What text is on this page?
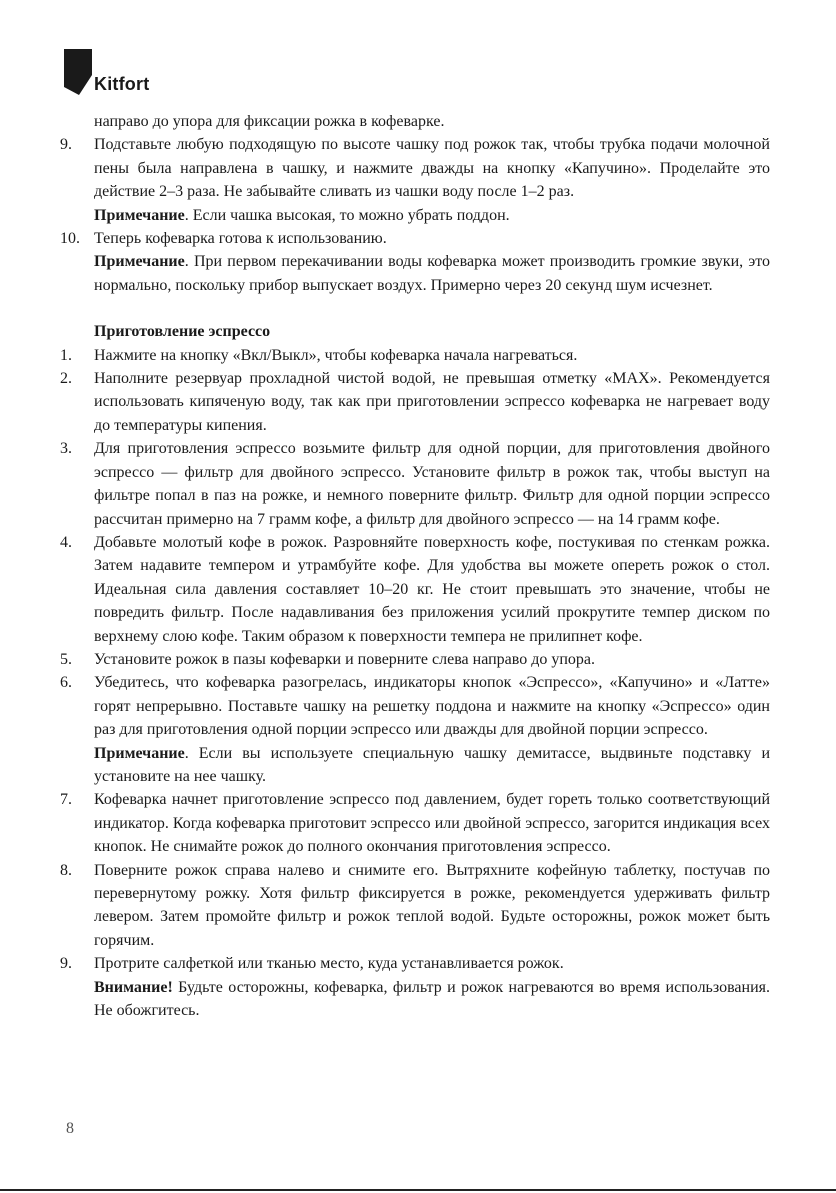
Kitfort
направо до упора для фиксации рожка в кофеварке.
9.	Подставьте любую подходящую по высоте чашку под рожок так, чтобы трубка подачи молочной пены была направлена в чашку, и нажмите дважды на кнопку «Капучино». Проделайте это действие 2–3 раза. Не забывайте сливать из чашки воду после 1–2 раз.
Примечание. Если чашка высокая, то можно убрать поддон.
10. Теперь кофеварка готова к использованию.
Примечание. При первом перекачивании воды кофеварка может производить громкие звуки, это нормально, поскольку прибор выпускает воздух. Примерно через 20 секунд шум исчезнет.
Приготовление эспрессо
1.	Нажмите на кнопку «Вкл/Выкл», чтобы кофеварка начала нагреваться.
2.	Наполните резервуар прохладной чистой водой, не превышая отметку «MAX». Рекомендуется использовать кипяченую воду, так как при приготовлении эспрессо кофеварка не нагревает воду до температуры кипения.
3.	Для приготовления эспрессо возьмите фильтр для одной порции, для приготовления двойного эспрессо — фильтр для двойного эспрессо. Установите фильтр в рожок так, чтобы выступ на фильтре попал в паз на рожке, и немного поверните фильтр. Фильтр для одной порции эспрессо рассчитан примерно на 7 грамм кофе, а фильтр для двойного эспрессо — на 14 грамм кофе.
4.	Добавьте молотый кофе в рожок. Разровняйте поверхность кофе, постукивая по стенкам рожка. Затем надавите темпером и утрамбуйте кофе. Для удобства вы можете опереть рожок о стол. Идеальная сила давления составляет 10–20 кг. Не стоит превышать это значение, чтобы не повредить фильтр. После надавливания без приложения усилий прокрутите темпер диском по верхнему слою кофе. Таким образом к поверхности темпера не прилипнет кофе.
5.	Установите рожок в пазы кофеварки и поверните слева направо до упора.
6.	Убедитесь, что кофеварка разогрелась, индикаторы кнопок «Эспрессо», «Капучино» и «Латте» горят непрерывно. Поставьте чашку на решетку поддона и нажмите на кнопку «Эспрессо» один раз для приготовления одной порции эспрессо или дважды для двойной порции эспрессо.
Примечание. Если вы используете специальную чашку демитассе, выдвиньте подставку и установите на нее чашку.
7.	Кофеварка начнет приготовление эспрессо под давлением, будет гореть только соответствующий индикатор. Когда кофеварка приготовит эспрессо или двойной эспрессо, загорится индикация всех кнопок. Не снимайте рожок до полного окончания приготовления эспрессо.
8.	Поверните рожок справа налево и снимите его. Вытряхните кофейную таблетку, постучав по перевернутому рожку. Хотя фильтр фиксируется в рожке, рекомендуется удерживать фильтр левером. Затем промойте фильтр и рожок теплой водой. Будьте осторожны, рожок может быть горячим.
9.	Протрите салфеткой или тканью место, куда устанавливается рожок.
Внимание! Будьте осторожны, кофеварка, фильтр и рожок нагреваются во время использования. Не обожгитесь.
8
